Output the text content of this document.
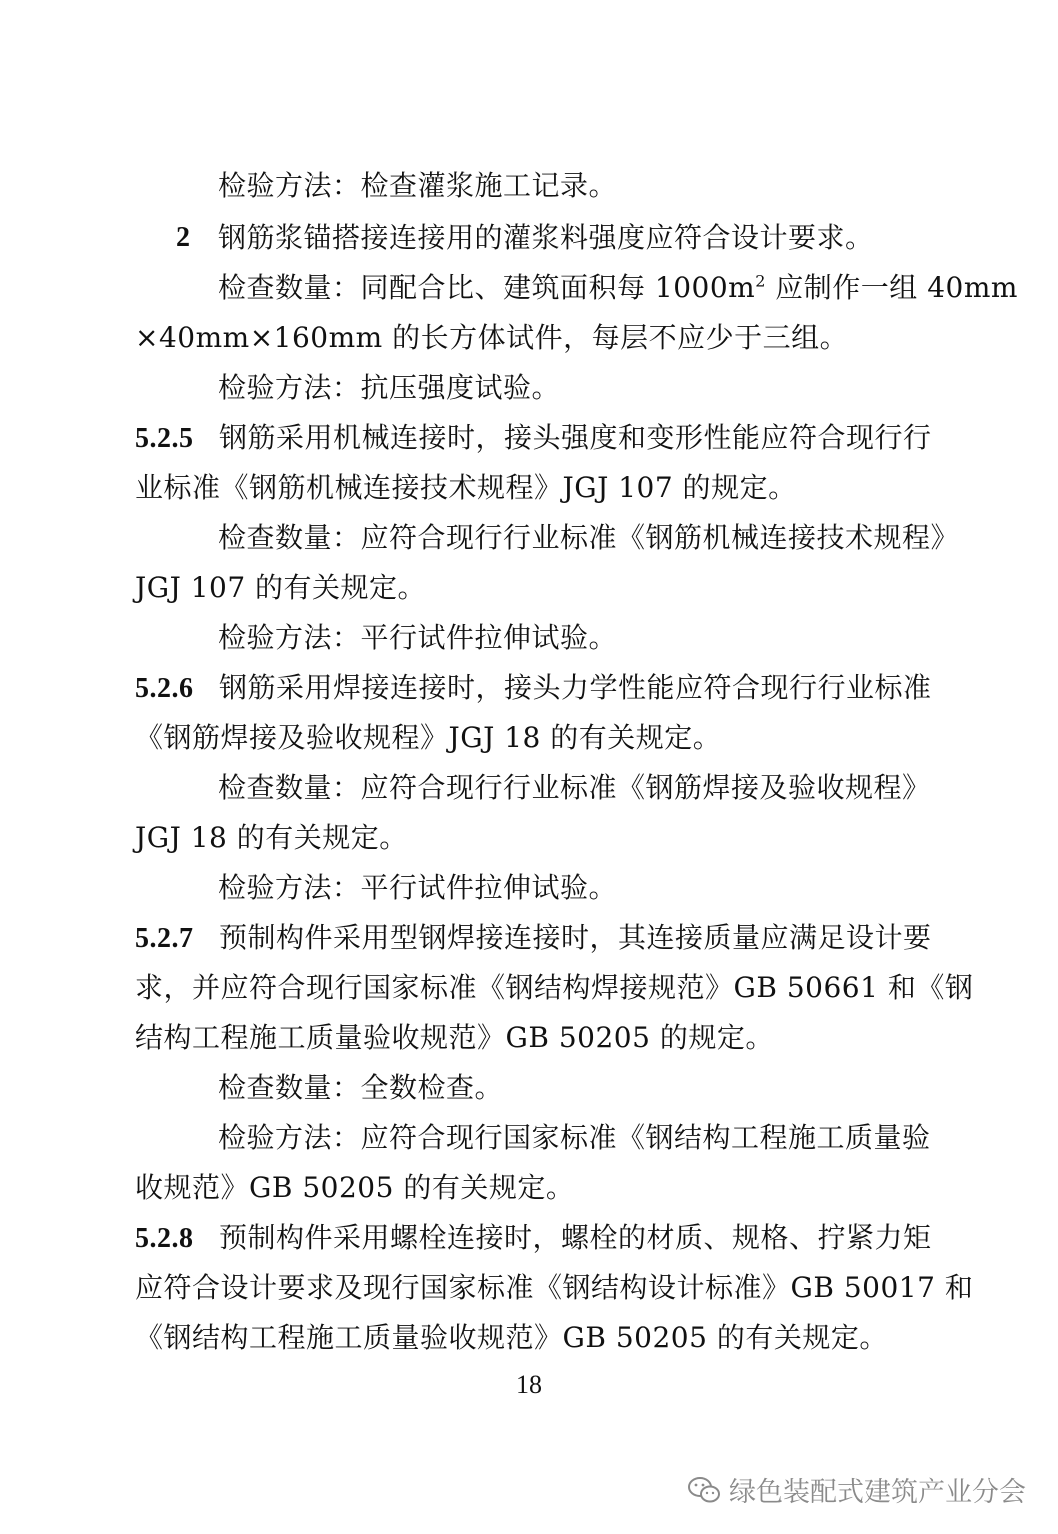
检验方法：检查灌浆施工记录。
2 钢筋浆锚搭接连接用的灌浆料强度应符合设计要求。
检查数量：同配合比、建筑面积每 $1000m^2$ 应制作一组 40mm
×40mm×160mm 的长方体试件，每层不应少于三组。
检验方法：抗压强度试验。
5.2.5 钢筋采用机械连接时，接头强度和变形性能应符合现行行
业标准《钢筋机械连接技术规程》JGJ 107 的规定。
检查数量：应符合现行行业标准《钢筋机械连接技术规程》
JGJ 107 的有关规定。
检验方法：平行试件拉伸试验。
5.2.6 钢筋采用焊接连接时，接头力学性能应符合现行行业标准
《钢筋焊接及验收规程》JGJ 18 的有关规定。
检查数量：应符合现行行业标准《钢筋焊接及验收规程》
JGJ 18 的有关规定。
检验方法：平行试件拉伸试验。
5.2.7 预制构件采用型钢焊接连接时，其连接质量应满足设计要
求，并应符合现行国家标准《钢结构焊接规范》GB 50661 和《钢
结构工程施工质量验收规范》GB 50205 的规定。
检查数量：全数检查。
检验方法：应符合现行国家标准《钢结构工程施工质量验
收规范》GB 50205 的有关规定。
5.2.8 预制构件采用螺栓连接时，螺栓的材质、规格、拧紧力矩
应符合设计要求及现行国家标准《钢结构设计标准》GB 50017 和
《钢结构工程施工质量验收规范》GB 50205 的有关规定。
18
绿色装配式建筑产业分会
